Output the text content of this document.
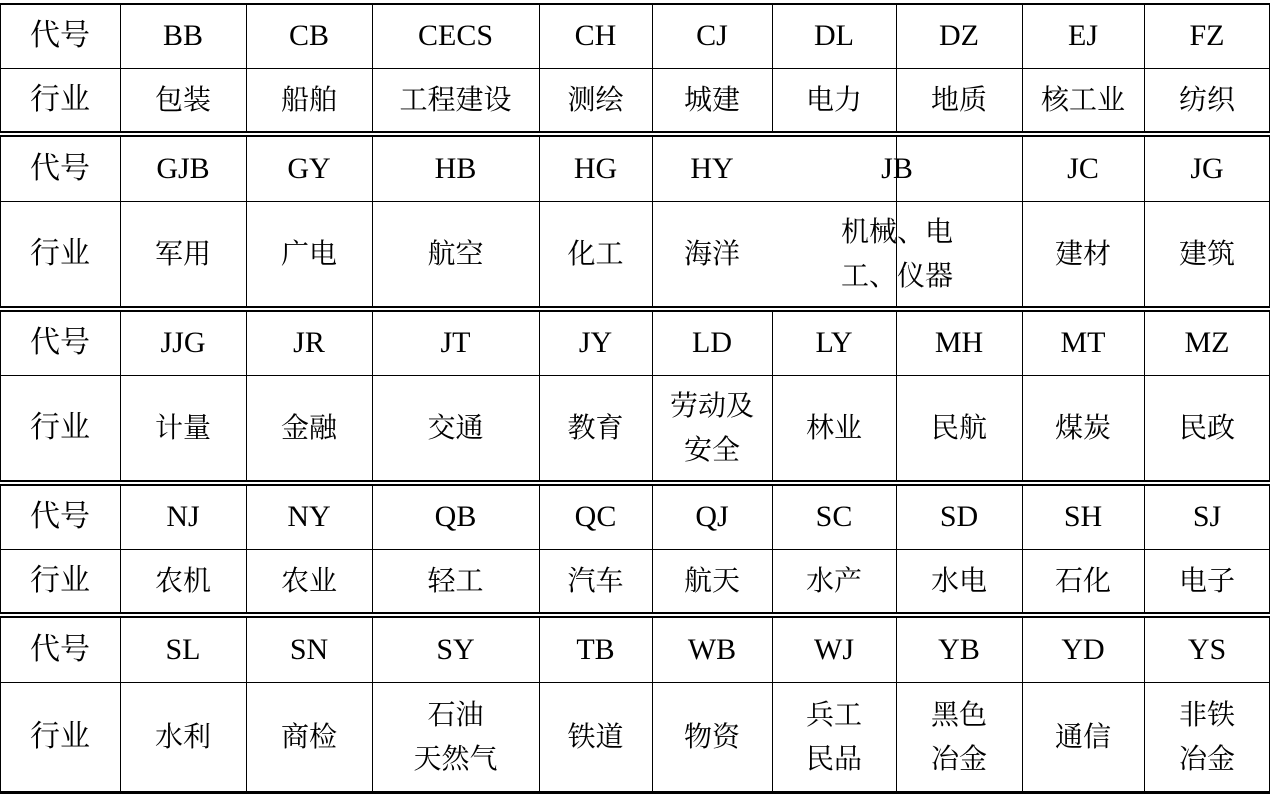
代号
行业
BB
包装
CB
船舶
CECS
工程建设
CH
测绘
CJ
城建
DL
电力
DZ
地质
EJ
核工业
FZ
纺织
代号
行业
GJB
军用
GY
广电
HB
航空
HG
化工
HY
海洋
JB
机械、电
工、仪器
JC
建材
JG
建筑
代号
行业
JJG
计量
JR
金融
JT
交通
JY
教育
LD
劳动及
安全
LY
林业
MH
民航
MT
煤炭
MZ
民政
代号
行业
NJ
农机
NY
农业
QB
轻工
QC
汽车
QJ
航天
SC
水产
SD
水电
SH
石化
SJ
电子
代号
行业
SL
水利
SN
商检
SY
石油
天然气
TB
铁道
WB
物资
WJ
兵工
民品
YB
黑色
冶金
YD
通信
YS
非铁
冶金
